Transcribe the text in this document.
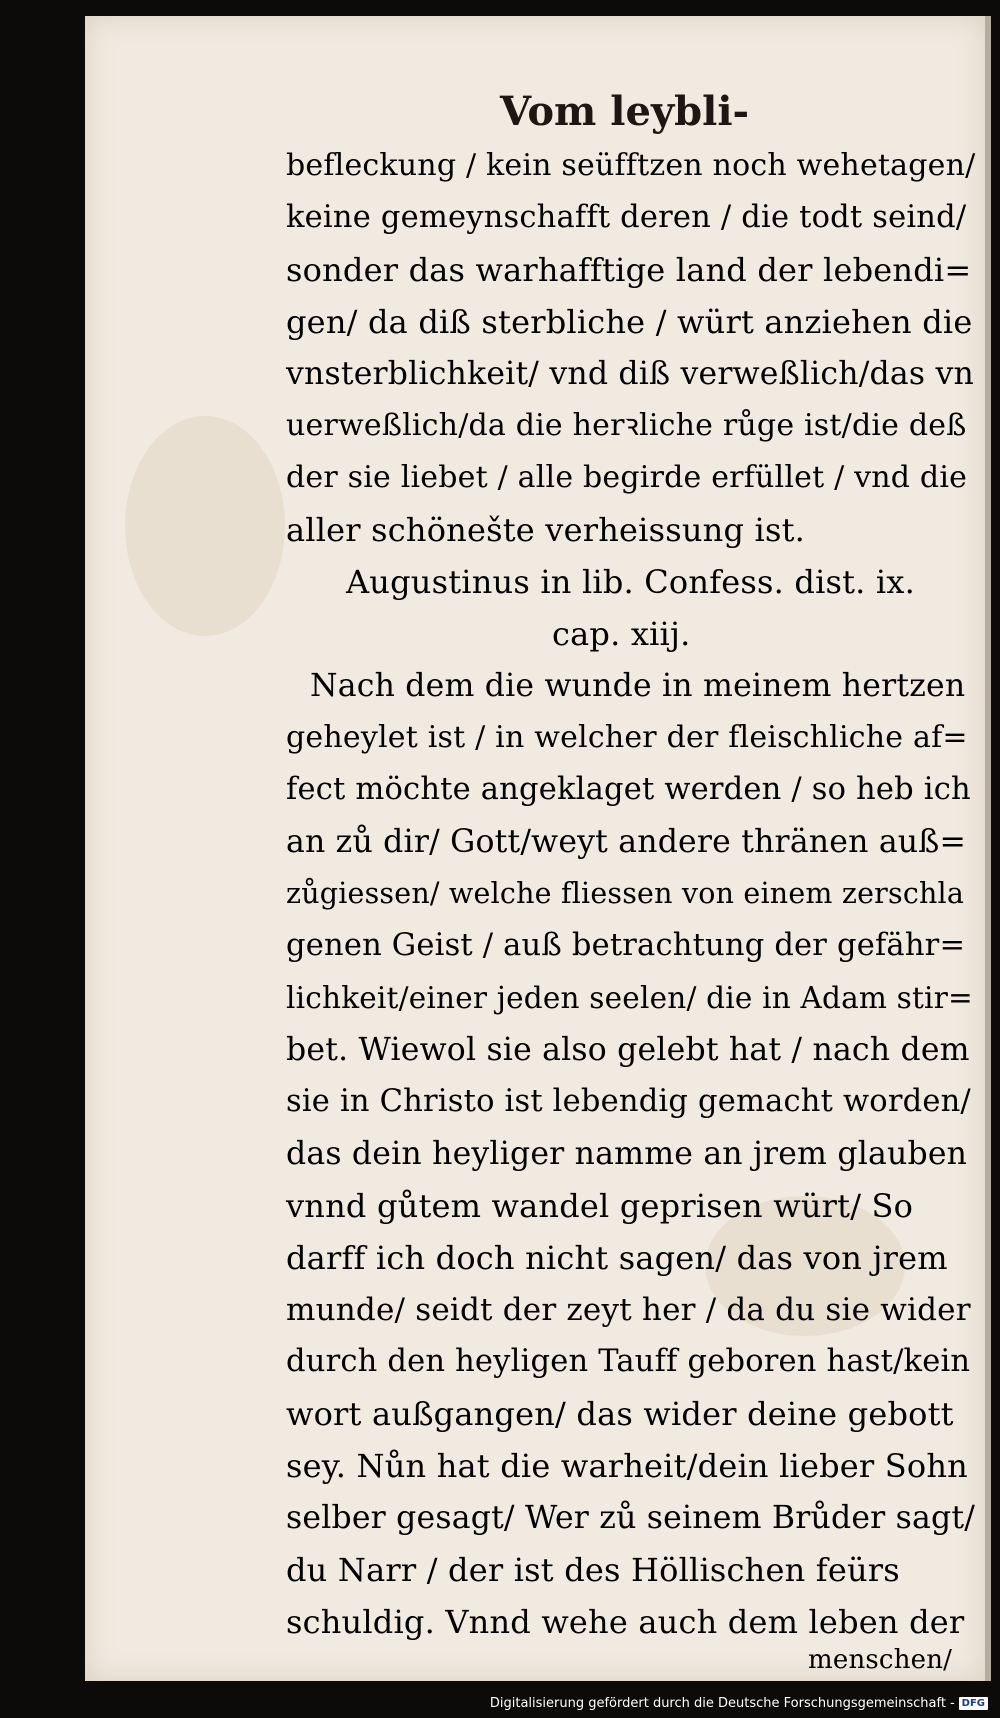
Vom leybli-
befleckung / kein seüfftzen noch wehetagen/
keine gemeynschafft deren / die todt seind/
sonder das warhafftige land der lebendi=
gen/ da diß sterbliche / würt anziehen die
vnsterblichkeit/ vnd diß verweßlich/das vn
uerweßlich/da die herꝛliche růge ist/die deß
der sie liebet / alle begirde erfüllet / vnd die
aller schönešte verheissung ist.
Augustinus in lib. Confess. dist. ix.
cap. xiij.
Nach dem die wunde in meinem hertzen
geheylet ist / in welcher der fleischliche af=
fect möchte angeklaget werden / so heb ich
an zů dir/ Gott/weyt andere thränen auß=
zůgiessen/ welche fliessen von einem zerschla
genen Geist / auß betrachtung der gefähr=
lichkeit/einer jeden seelen/ die in Adam stir=
bet. Wiewol sie also gelebt hat / nach dem
sie in Christo ist lebendig gemacht worden/
das dein heyliger namme an jrem glauben
vnnd gůtem wandel geprisen würt/ So
darff ich doch nicht sagen/ das von jrem
munde/ seidt der zeyt her / da du sie wider
durch den heyligen Tauff geboren hast/kein
wort außgangen/ das wider deine gebott
sey. Nůn hat die warheit/dein lieber Sohn
selber gesagt/ Wer zů seinem Brůder sagt/
du Narr / der ist des Höllischen feürs
schuldig. Vnnd wehe auch dem leben der
menschen/
Digitalisierung gefördert durch die Deutsche Forschungsgemeinschaft - DFG
